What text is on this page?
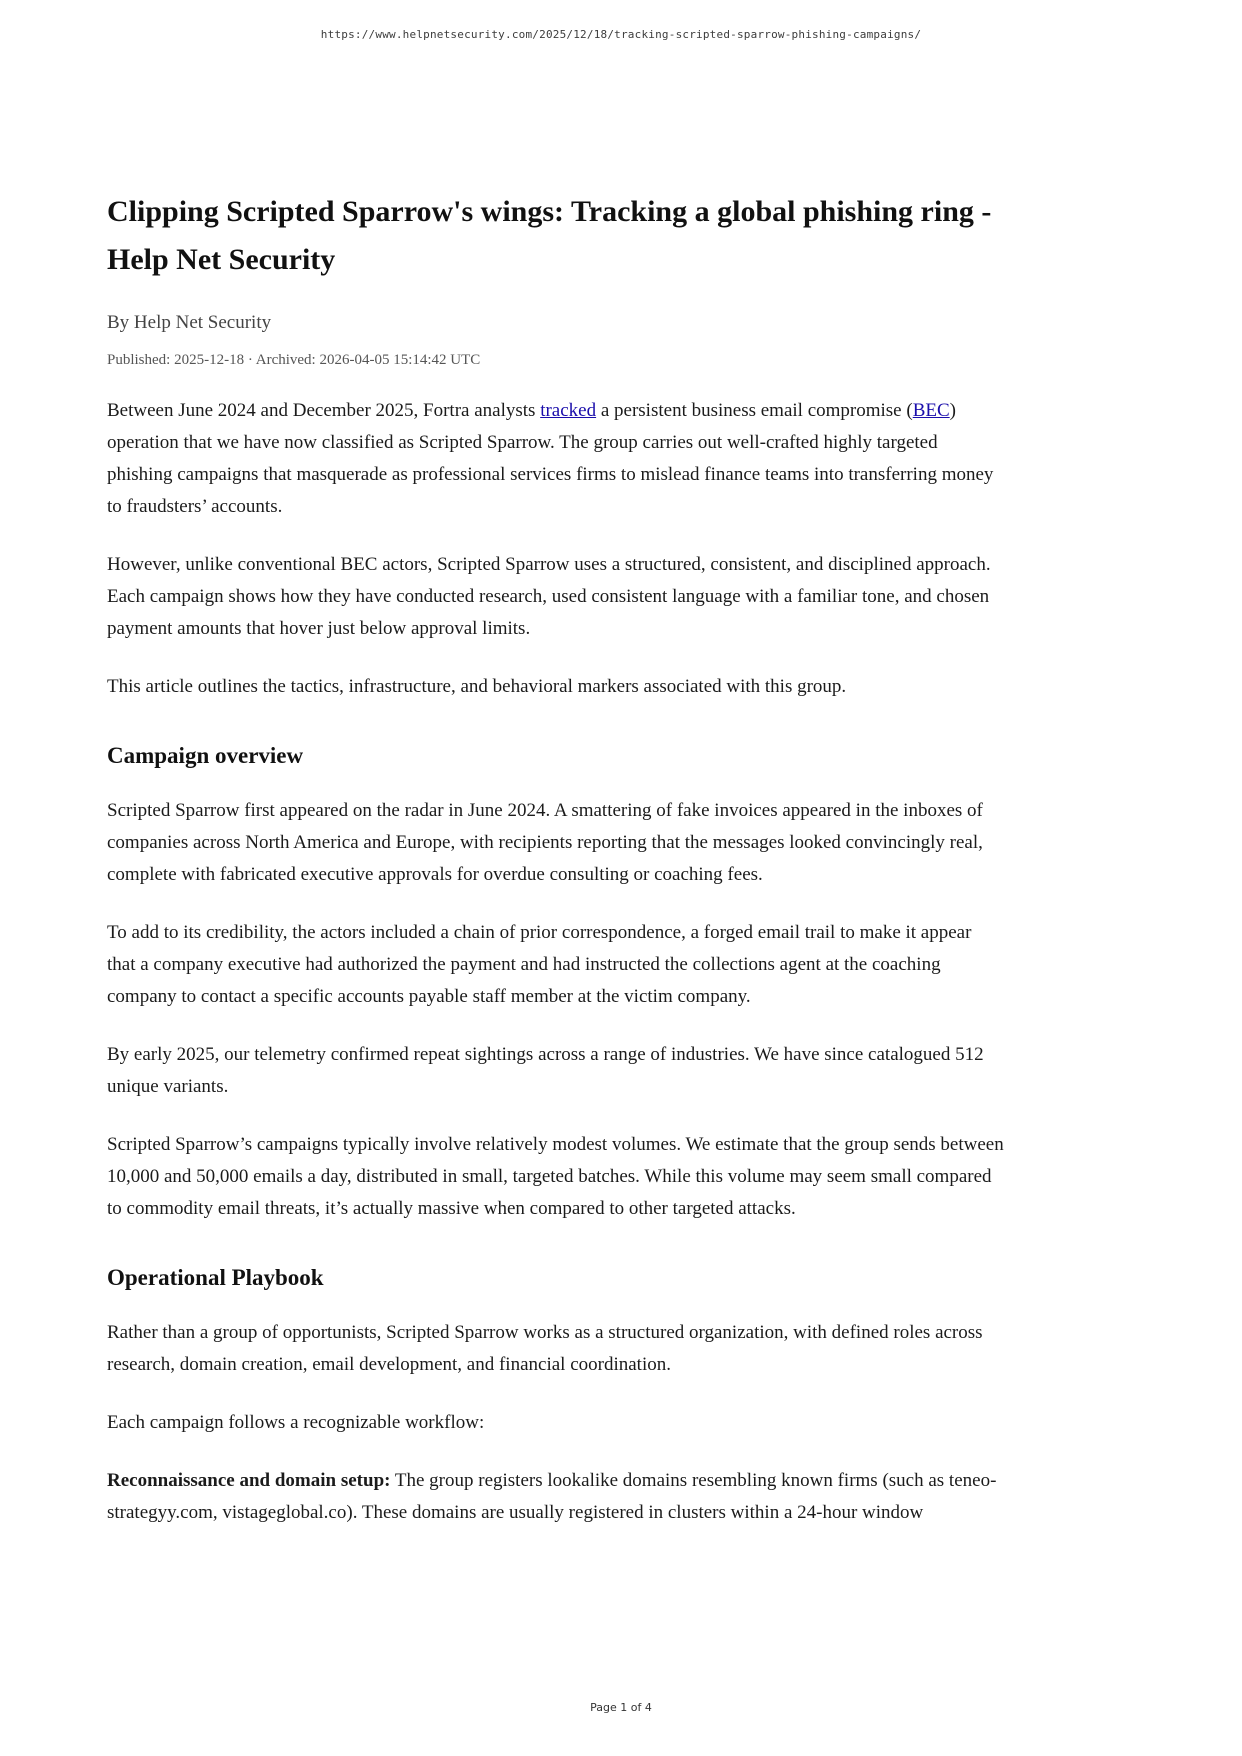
https://www.helpnetsecurity.com/2025/12/18/tracking-scripted-sparrow-phishing-campaigns/
Clipping Scripted Sparrow's wings: Tracking a global phishing ring - Help Net Security
By Help Net Security
Published: 2025-12-18 · Archived: 2026-04-05 15:14:42 UTC

Between June 2024 and December 2025, Fortra analysts tracked a persistent business email compromise (BEC) operation that we have now classified as Scripted Sparrow. The group carries out well-crafted highly targeted phishing campaigns that masquerade as professional services firms to mislead finance teams into transferring money to fraudsters’ accounts.

However, unlike conventional BEC actors, Scripted Sparrow uses a structured, consistent, and disciplined approach. Each campaign shows how they have conducted research, used consistent language with a familiar tone, and chosen payment amounts that hover just below approval limits.

This article outlines the tactics, infrastructure, and behavioral markers associated with this group.

Campaign overview

Scripted Sparrow first appeared on the radar in June 2024. A smattering of fake invoices appeared in the inboxes of companies across North America and Europe, with recipients reporting that the messages looked convincingly real, complete with fabricated executive approvals for overdue consulting or coaching fees.

To add to its credibility, the actors included a chain of prior correspondence, a forged email trail to make it appear that a company executive had authorized the payment and had instructed the collections agent at the coaching company to contact a specific accounts payable staff member at the victim company.

By early 2025, our telemetry confirmed repeat sightings across a range of industries. We have since catalogued 512 unique variants.

Scripted Sparrow’s campaigns typically involve relatively modest volumes. We estimate that the group sends between 10,000 and 50,000 emails a day, distributed in small, targeted batches. While this volume may seem small compared to commodity email threats, it’s actually massive when compared to other targeted attacks.

Operational Playbook

Rather than a group of opportunists, Scripted Sparrow works as a structured organization, with defined roles across research, domain creation, email development, and financial coordination.

Each campaign follows a recognizable workflow:

Reconnaissance and domain setup: The group registers lookalike domains resembling known firms (such as teneo-strategyy.com, vistageglobal.co). These domains are usually registered in clusters within a 24-hour window

Page 1 of 4
